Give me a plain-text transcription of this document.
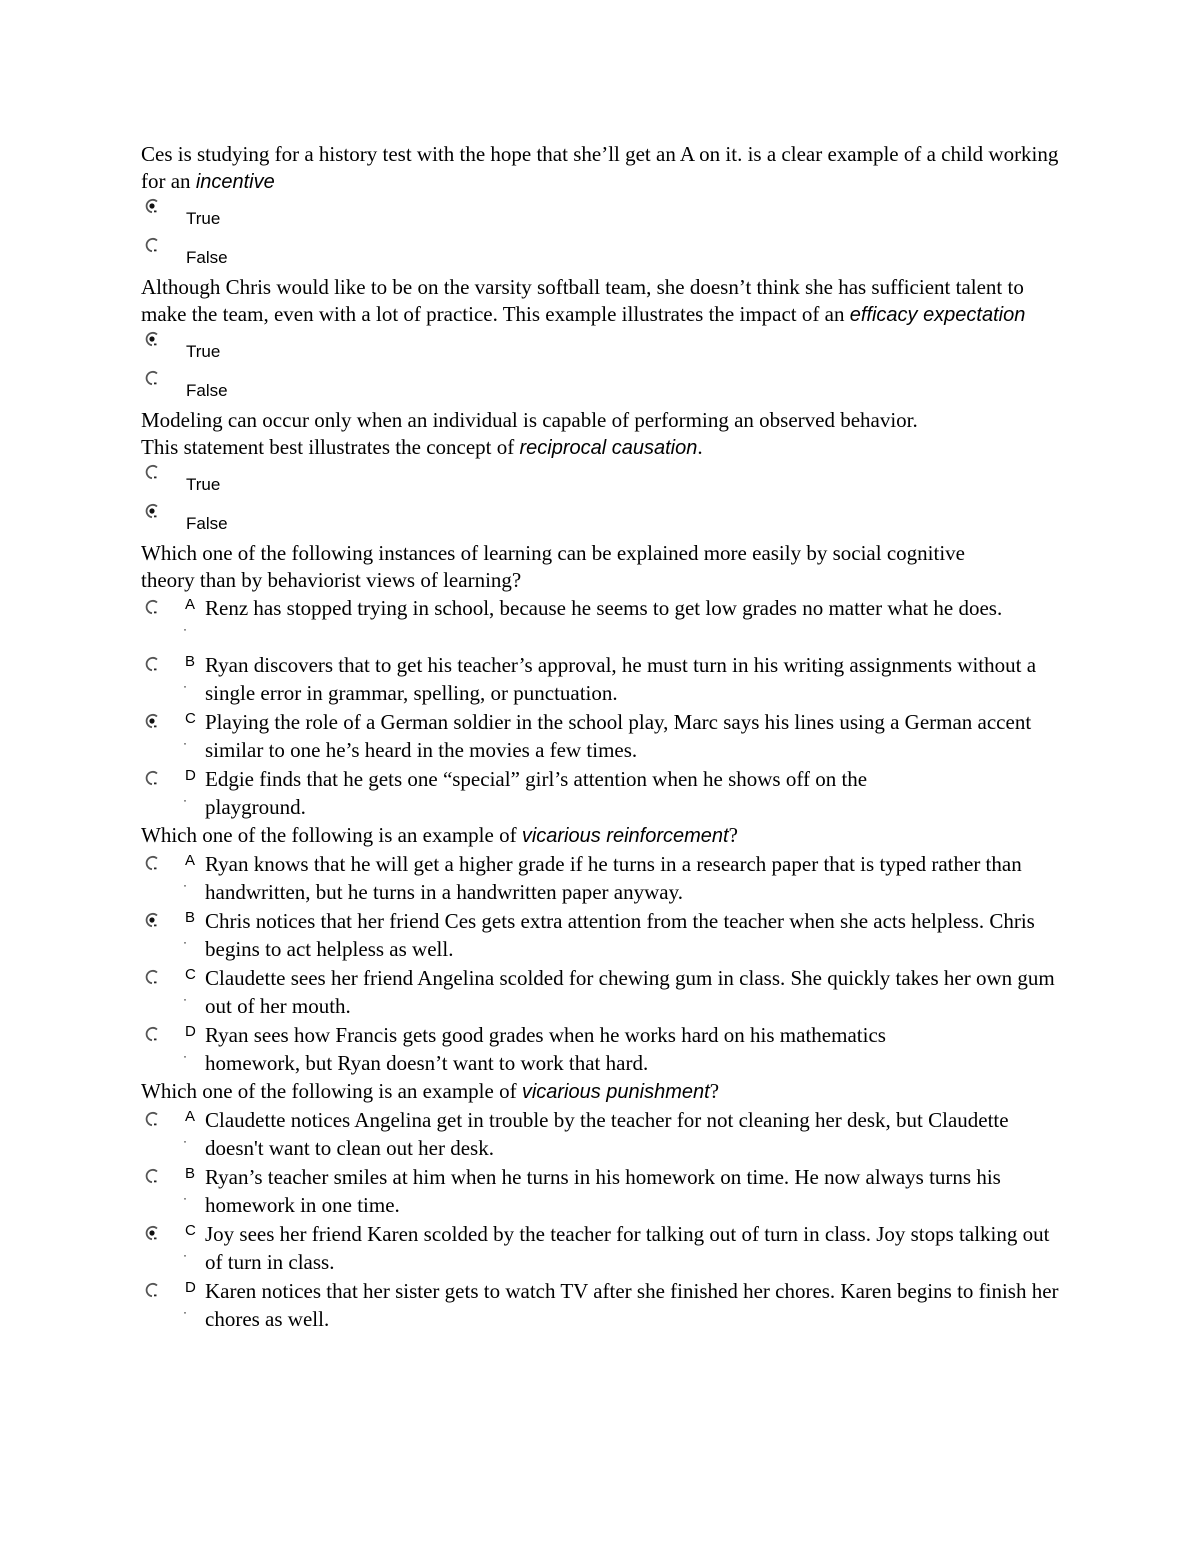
Ces is studying for a history test with the hope that she’ll get an A on it. is a clear example of a child working for an incentive
True
False
Although Chris would like to be on the varsity softball team, she doesn’t think she has sufficient talent to make the team, even with a lot of practice. This example illustrates the impact of an efficacy expectation
True
False
Modeling can occur only when an individual is capable of performing an observed behavior. This statement best illustrates the concept of reciprocal causation.
True
False
Which one of the following instances of learning can be explained more easily by social cognitive theory than by behaviorist views of learning?
A
·
Renz has stopped trying in school, because he seems to get low grades no matter what he does.
B
·
Ryan discovers that to get his teacher’s approval, he must turn in his writing assignments without a single error in grammar, spelling, or punctuation.
C
·
Playing the role of a German soldier in the school play, Marc says his lines using a German accent similar to one he’s heard in the movies a few times.
D
·
Edgie finds that he gets one “special” girl’s attention when he shows off on the playground.
Which one of the following is an example of vicarious reinforcement?
A
·
Ryan knows that he will get a higher grade if he turns in a research paper that is typed rather than handwritten, but he turns in a handwritten paper anyway.
B
·
Chris notices that her friend Ces gets extra attention from the teacher when she acts helpless. Chris begins to act helpless as well.
C
·
Claudette sees her friend Angelina scolded for chewing gum in class. She quickly takes her own gum out of her mouth.
D
·
Ryan sees how Francis gets good grades when he works hard on his mathematics homework, but Ryan doesn’t want to work that hard.
Which one of the following is an example of vicarious punishment?
A
·
Claudette notices Angelina get in trouble by the teacher for not cleaning her desk, but Claudette doesn't want to clean out her desk.
B
·
Ryan’s teacher smiles at him when he turns in his homework on time. He now always turns his homework in one time.
C
·
Joy sees her friend Karen scolded by the teacher for talking out of turn in class. Joy stops talking out of turn in class.
D
·
Karen notices that her sister gets to watch TV after she finished her chores. Karen begins to finish her chores as well.
